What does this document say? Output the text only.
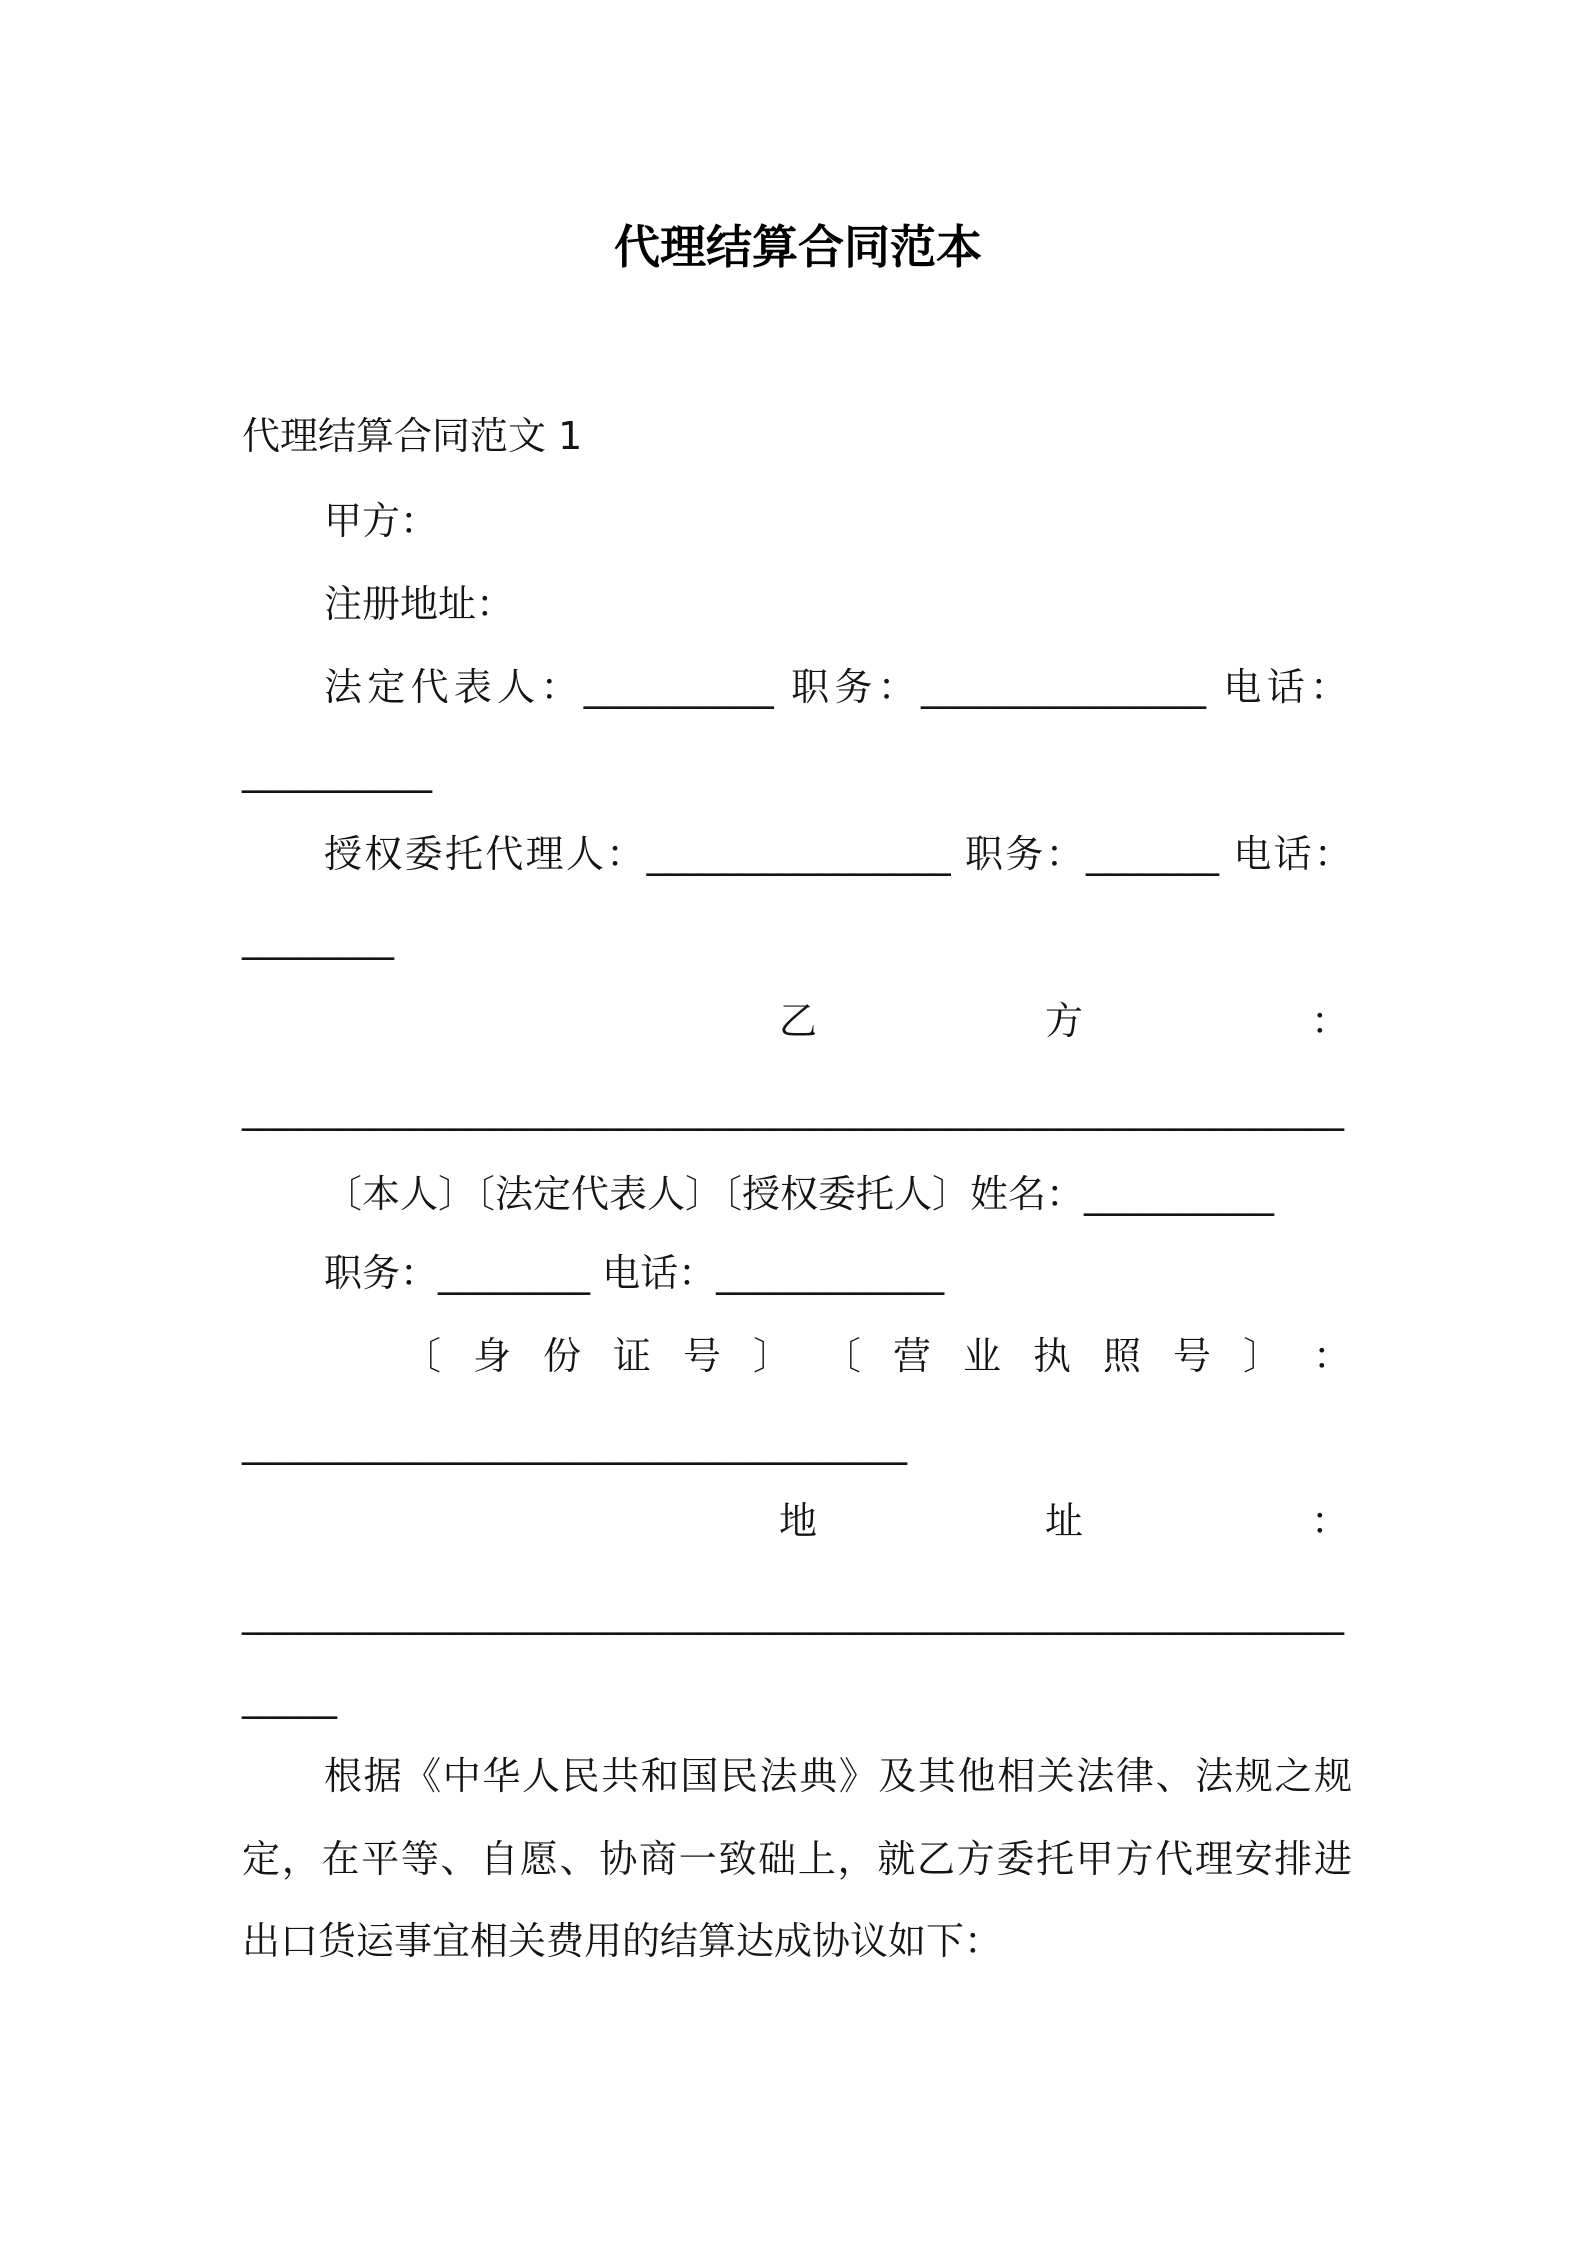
代理结算合同范本
代理结算合同范文 1
甲方：
注册地址：
法定代表人：__________ 职务：_______________ 电话：
__________
授权委托代理人：________________ 职务：_______ 电话：
________
乙	方	：
__________________________________________________________
〔本人〕〔法定代表人〕〔授权委托人〕姓名：__________
职务：________ 电话：____________
〔 身 份 证 号 〕 〔 营 业 执 照 号 〕 ：
___________________________________
地	址	：
__________________________________________________________
_____
根据《中华人民共和国民法典》及其他相关法律、法规之规
定，在平等、自愿、协商一致础上，就乙方委托甲方代理安排进
出口货运事宜相关费用的结算达成协议如下：
